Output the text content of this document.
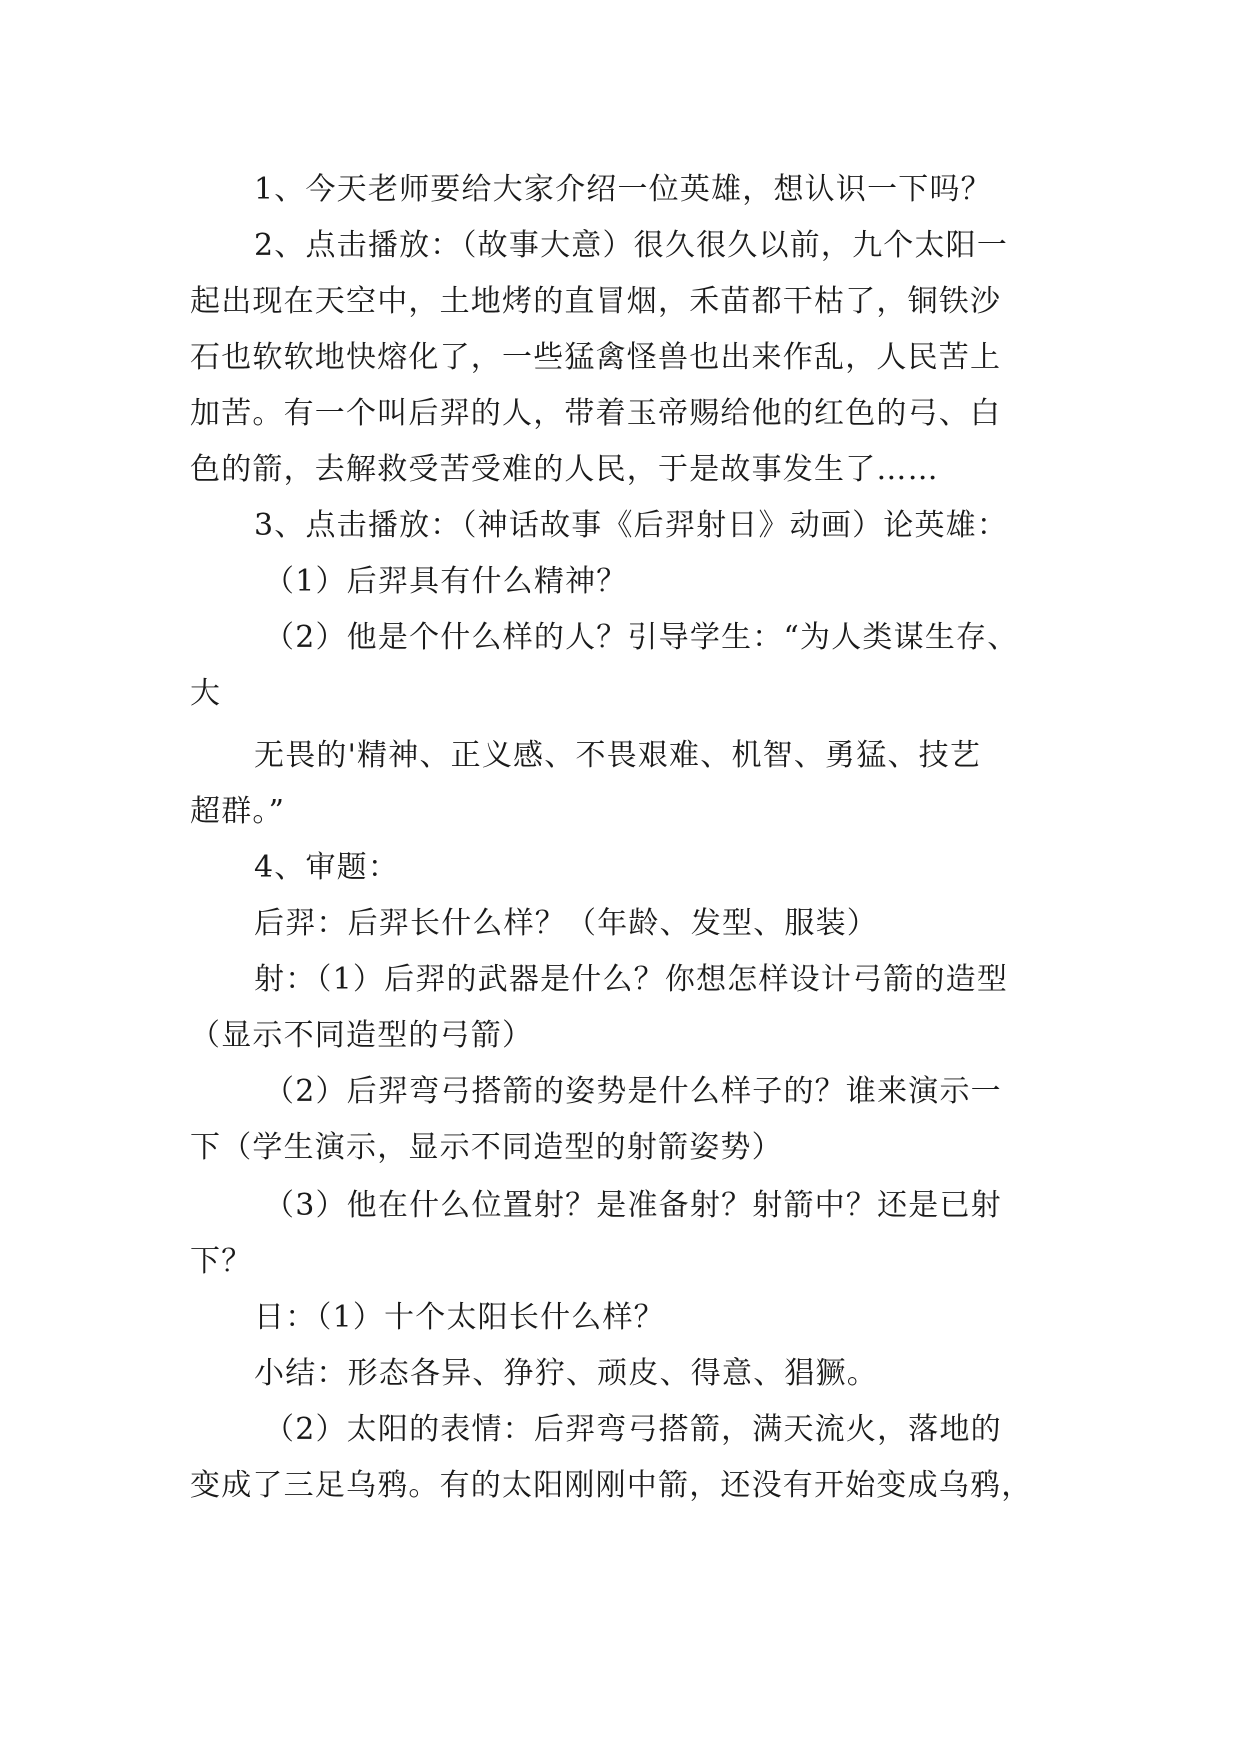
1、今天老师要给大家介绍一位英雄，想认识一下吗？
2、点击播放：（故事大意）很久很久以前，九个太阳一
起出现在天空中，土地烤的直冒烟，禾苗都干枯了，铜铁沙
石也软软地快熔化了，一些猛禽怪兽也出来作乱，人民苦上
加苦。有一个叫后羿的人，带着玉帝赐给他的红色的弓、白
色的箭，去解救受苦受难的人民，于是故事发生了……
3、点击播放：（神话故事《后羿射日》动画）论英雄：
（1）后羿具有什么精神？
（2）他是个什么样的人？引导学生：“为人类谋生存、
大
无畏的'精神、正义感、不畏艰难、机智、勇猛、技艺
超群。”
4、审题：
后羿：后羿长什么样？（年龄、发型、服装）
射：（1）后羿的武器是什么？你想怎样设计弓箭的造型
（显示不同造型的弓箭）
（2）后羿弯弓搭箭的姿势是什么样子的？谁来演示一
下（学生演示，显示不同造型的射箭姿势）
（3）他在什么位置射？是准备射？射箭中？还是已射
下？
日：（1）十个太阳长什么样？
小结：形态各异、狰狞、顽皮、得意、猖獗。
（2）太阳的表情：后羿弯弓搭箭，满天流火，落地的
变成了三足乌鸦。有的太阳刚刚中箭，还没有开始变成乌鸦，
